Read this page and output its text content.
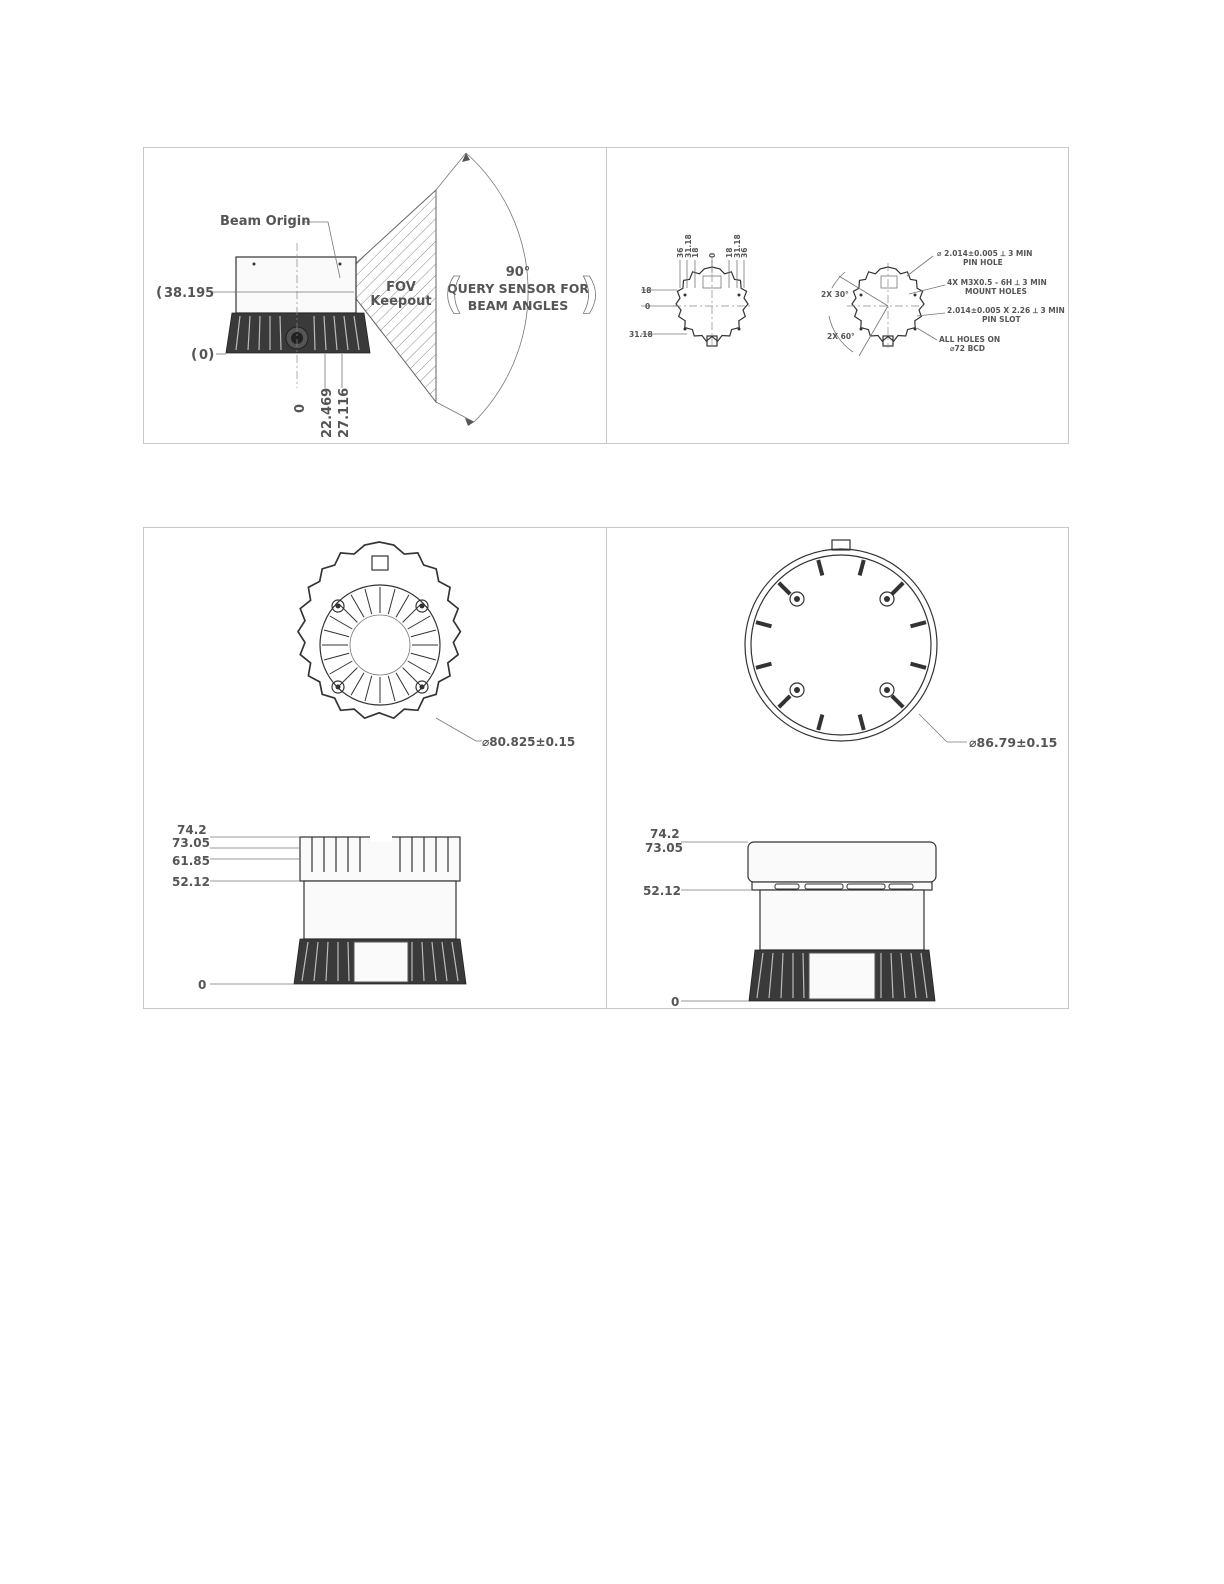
Beam Origin
FOV
Keepout
90°
QUERY SENSOR FOR
BEAM ANGLES
(	)
38.195
(
0
( )
0 22.469 27.116
36 31.18
18 0 18 31.18
36
18
0
31.18
2X 30°
2X 60°
⌀ 2.014±0.005 ⟂ 3 MIN
PIN HOLE
4X M3X0.5 - 6H ⟂ 3 MIN
MOUNT HOLES
2.014±0.005 X 2.26 ⟂ 3 MIN
PIN SLOT
ALL HOLES ON
⌀72 BCD
⌀80.825±0.15
74.2
73.05
61.85
52.12
0
⌀86.79±0.15
74.2
73.05
52.12
0
